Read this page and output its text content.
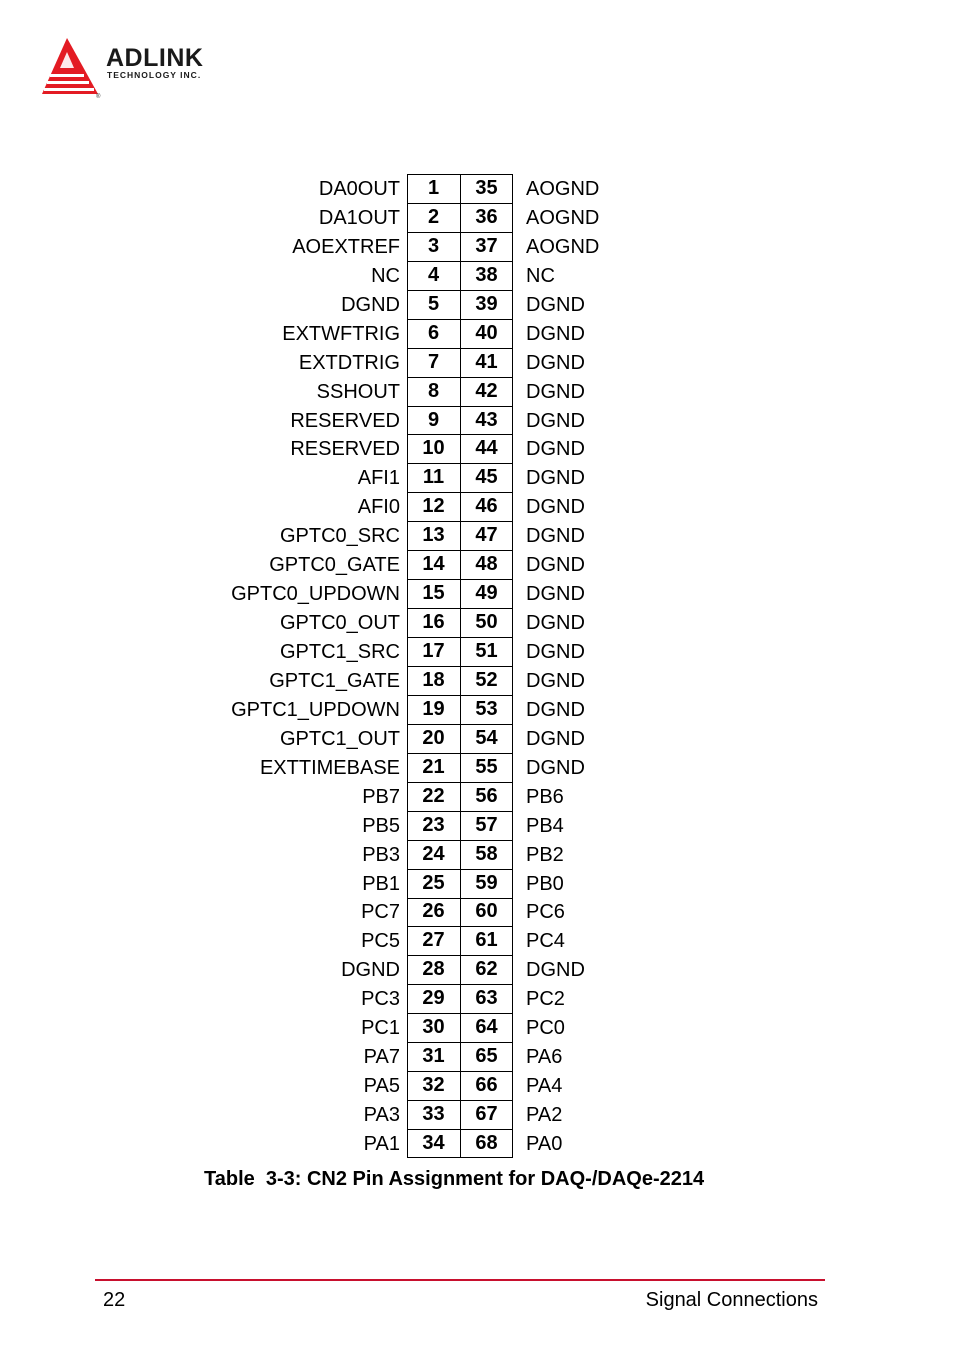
®
ADLINK
TECHNOLOGY INC.
DA0OUT	1	35	AOGND
DA1OUT	2	36	AOGND
AOEXTREF	3	37	AOGND
NC	4	38	NC
DGND	5	39	DGND
EXTWFTRIG	6	40	DGND
EXTDTRIG	7	41	DGND
SSHOUT	8	42	DGND
RESERVED	9	43	DGND
RESERVED	10	44	DGND
AFI1	11	45	DGND
AFI0	12	46	DGND
GPTC0_SRC	13	47	DGND
GPTC0_GATE	14	48	DGND
GPTC0_UPDOWN	15	49	DGND
GPTC0_OUT	16	50	DGND
GPTC1_SRC	17	51	DGND
GPTC1_GATE	18	52	DGND
GPTC1_UPDOWN	19	53	DGND
GPTC1_OUT	20	54	DGND
EXTTIMEBASE	21	55	DGND
PB7	22	56	PB6
PB5	23	57	PB4
PB3	24	58	PB2
PB1	25	59	PB0
PC7	26	60	PC6
PC5	27	61	PC4
DGND	28	62	DGND
PC3	29	63	PC2
PC1	30	64	PC0
PA7	31	65	PA6
PA5	32	66	PA4
PA3	33	67	PA2
PA1	34	68	PA0
Table  3-3: CN2 Pin Assignment for DAQ-/DAQe-2214
22	Signal Connections
